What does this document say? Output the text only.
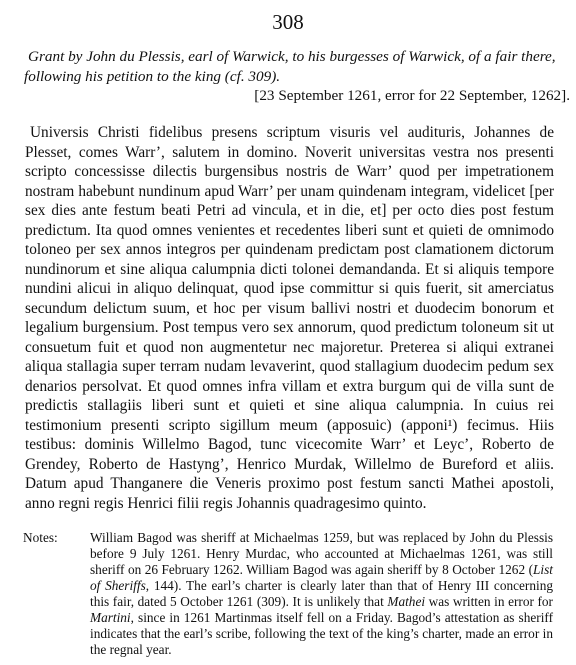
308
Grant by John du Plessis, earl of Warwick, to his burgesses of Warwick, of a fair there, following his petition to the king (cf. 309).
[23 September 1261, error for 22 September, 1262].

Universis Christi fidelibus presens scriptum visuris vel audituris, Johannes de Plesset, comes Warr’, salutem in domino. Noverit universitas vestra nos presenti scripto concessisse dilectis burgensibus nostris de Warr’ quod per impetrationem nostram habebunt nundinum apud Warr’ per unam quindenam integram, videlicet [per sex dies ante festum beati Petri ad vincula, et in die, et] per octo dies post festum predictum. Ita quod omnes venientes et recedentes liberi sunt et quieti de omnimodo toloneo per sex annos integros per quindenam predictam post clamationem dictorum nundinorum et sine aliqua calumpnia dicti tolonei demandanda. Et si aliquis tempore nundini alicui in aliquo delinquat, quod ipse committur si quis fuerit, sit amerciatus secundum delictum suum, et hoc per visum ballivi nostri et duodecim bonorum et legalium burgensium. Post tempus vero sex annorum, quod predictum toloneum sit ut consuetum fuit et quod non augmentetur nec majoretur. Preterea si aliqui extranei aliqua stallagia super terram nudam levaverint, quod stallagium duodecim pedum sex denarios persolvat. Et quod omnes infra villam et extra burgum qui de villa sunt de predictis stallagiis liberi sunt et quieti et sine aliqua calumpnia. In cuius rei testimonium presenti scripto sigillum meum (apposuic) (apponi¹) fecimus. Hiis testibus: dominis Willelmo Bagod, tunc vicecomite Warr’ et Leyc’, Roberto de Grendey, Roberto de Hastyng’, Henrico Murdak, Willelmo de Bureford et aliis. Datum apud Thanganere die Veneris proximo post festum sancti Mathei apostoli, anno regni regis Henrici filii regis Johannis quadragesimo quinto.

Notes: William Bagod was sheriff at Michaelmas 1259, but was replaced by John du Plessis before 9 July 1261. Henry Murdac, who accounted at Michaelmas 1261, was still sheriff on 26 February 1262. William Bagod was again sheriff by 8 October 1262 (List of Sheriffs, 144). The earl’s charter is clearly later than that of Henry III concerning this fair, dated 5 October 1261 (309). It is unlikely that Mathei was written in error for Martini, since in 1261 Martinmas itself fell on a Friday. Bagod’s attestation as sheriff indicates that the earl’s scribe, following the text of the king’s charter, made an error in the regnal year.
